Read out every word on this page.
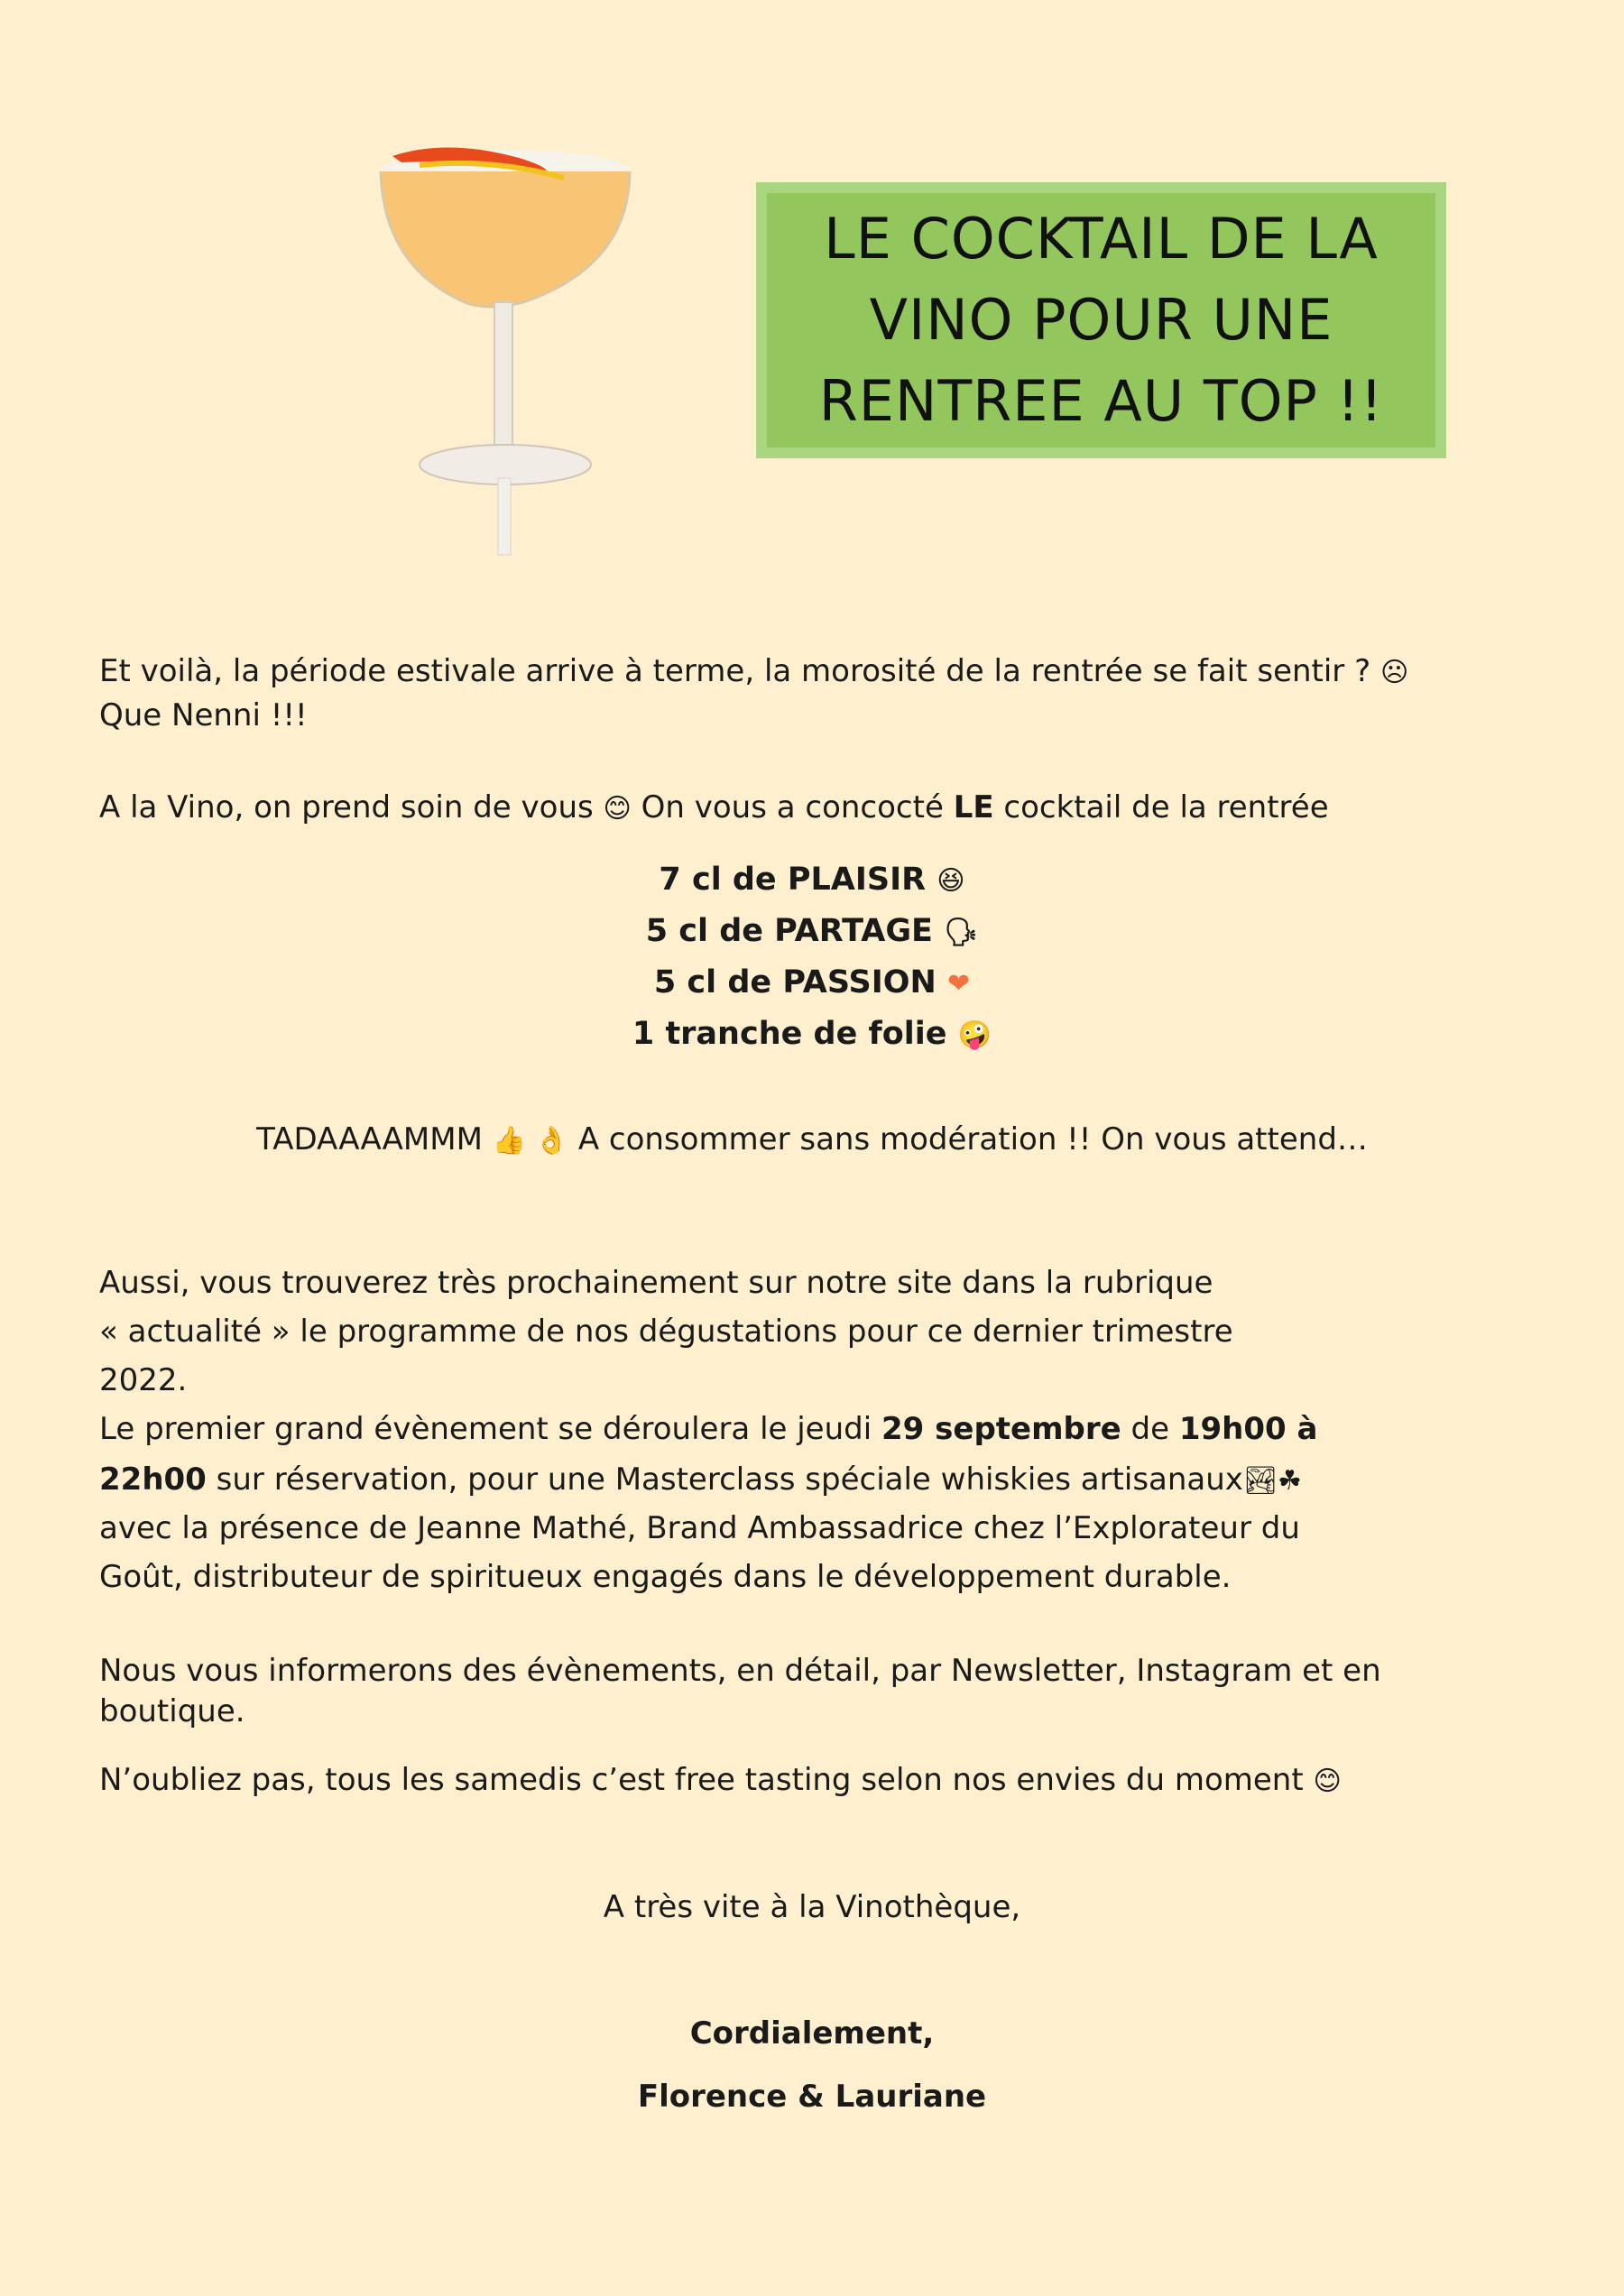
LE COCKTAIL DE LA
VINO POUR UNE
RENTREE AU TOP !!

Et voilà, la période estivale arrive à terme, la morosité de la rentrée se fait sentir ? ☹

Que Nenni !!!

A la Vino, on prend soin de vous 😊 On vous a concocté LE cocktail de la rentrée

7 cl de PLAISIR 😆
5 cl de PARTAGE 🗣
5 cl de PASSION ❤
1 tranche de folie 🤪

TADAAAAMMM 👍 👌 A consommer sans modération !! On vous attend…

Aussi, vous trouverez très prochainement sur notre site dans la rubrique

« actualité » le programme de nos dégustations pour ce dernier trimestre

2022.

Le premier grand évènement se déroulera le jeudi 29 septembre de 19h00 à

22h00 sur réservation, pour une Masterclass spéciale whiskies artisanaux🏞☘

avec la présence de Jeanne Mathé, Brand Ambassadrice chez l’Explorateur du

Goût, distributeur de spiritueux engagés dans le développement durable.

Nous vous informerons des évènements, en détail, par Newsletter, Instagram et en

boutique.

N’oubliez pas, tous les samedis c’est free tasting selon nos envies du moment 😊

A très vite à la Vinothèque,

Cordialement,

Florence & Lauriane
